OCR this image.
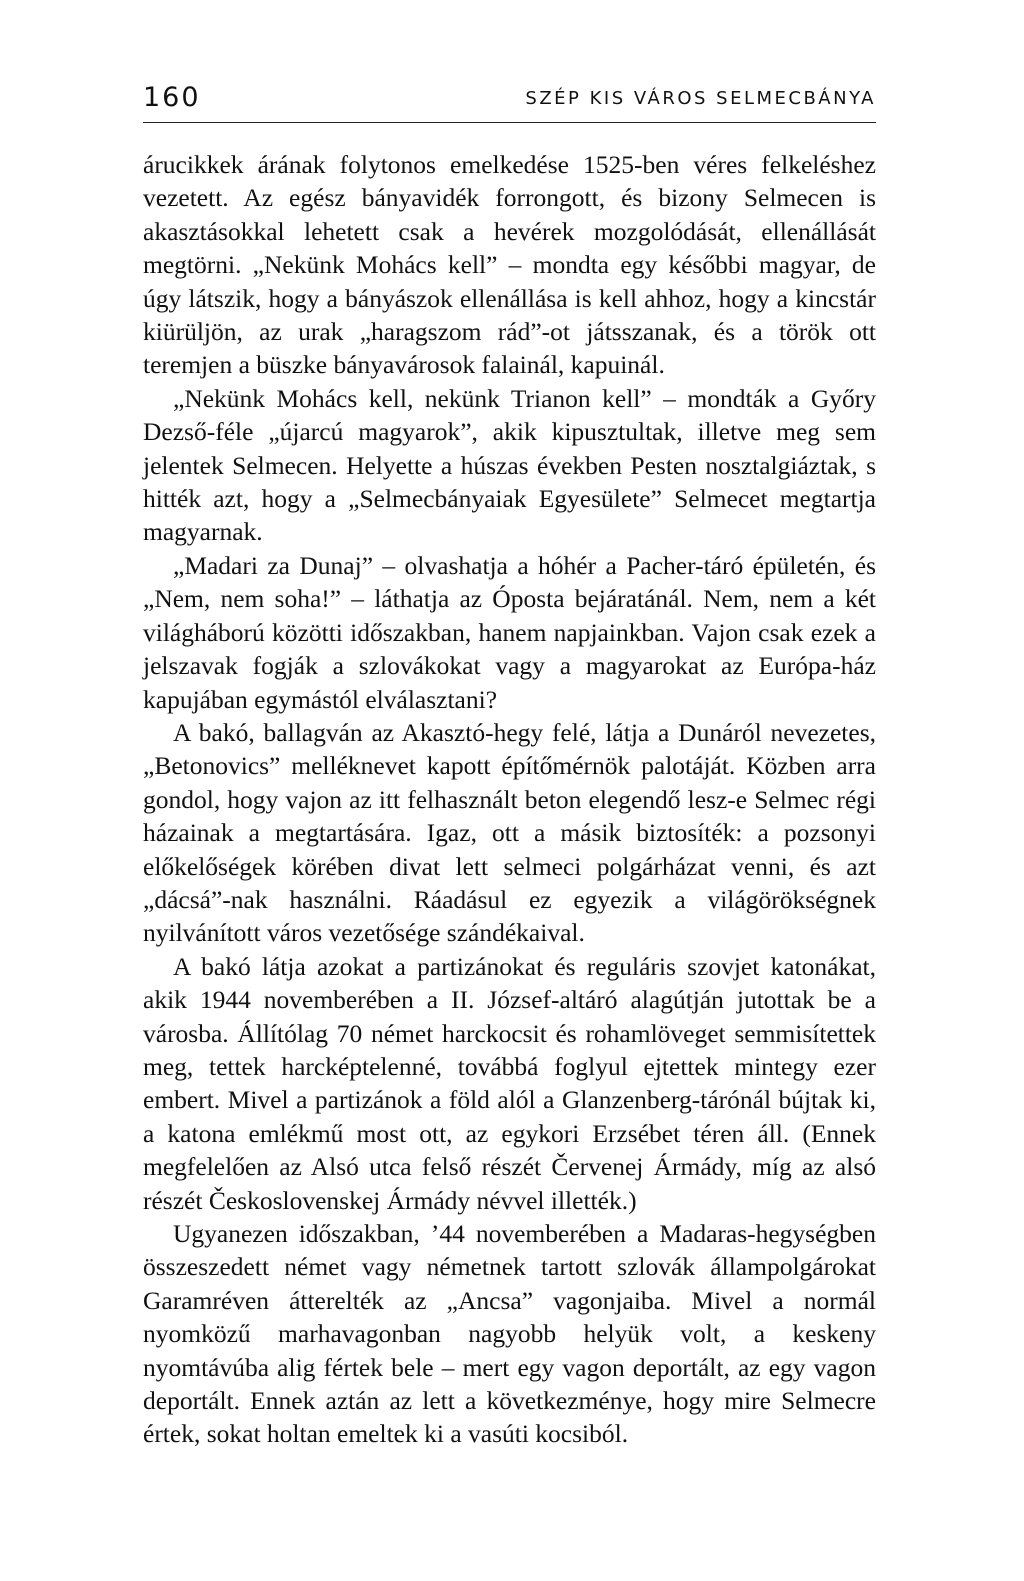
160	SZÉP KIS VÁROS SELMECBÁNYA

árucikkek árának folytonos emelkedése 1525-ben véres felkeléshez vezetett. Az egész bányavidék forrongott, és bizony Selmecen is akasztásokkal lehetett csak a hevérek mozgolódását, ellenállását megtörni. „Nekünk Mohács kell” – mondta egy későbbi magyar, de úgy látszik, hogy a bányászok ellenállása is kell ahhoz, hogy a kincstár kiürüljön, az urak „haragszom rád”-ot játsszanak, és a török ott teremjen a büszke bányavárosok falainál, kapuinál.

„Nekünk Mohács kell, nekünk Trianon kell” – mondták a Győry Dezső-féle „újarcú magyarok”, akik kipusztultak, illetve meg sem jelentek Selmecen. Helyette a húszas években Pesten nosztalgiáztak, s hitték azt, hogy a „Selmecbányaiak Egyesülete” Selmecet megtartja magyarnak.

„Madari za Dunaj” – olvashatja a hóhér a Pacher-táró épületén, és „Nem, nem soha!” – láthatja az Óposta bejáratánál. Nem, nem a két világháború közötti időszakban, hanem napjainkban. Vajon csak ezek a jelszavak fogják a szlovákokat vagy a magyarokat az Európa-ház kapujában egymástól elválasztani?

A bakó, ballagván az Akasztó-hegy felé, látja a Dunáról nevezetes, „Betonovics” melléknevet kapott építőmérnök palotáját. Közben arra gondol, hogy vajon az itt felhasznált beton elegendő lesz-e Selmec régi házainak a megtartására. Igaz, ott a másik biztosíték: a pozsonyi előkelőségek körében divat lett selmeci polgárházat venni, és azt „dácsá”-nak használni. Ráadásul ez egyezik a világörökségnek nyilvánított város vezetősége szándékaival.

A bakó látja azokat a partizánokat és reguláris szovjet katonákat, akik 1944 novemberében a II. József-altáró alagútján jutottak be a városba. Állítólag 70 német harckocsit és rohamlöveget semmisítettek meg, tettek harcképtelenné, továbbá foglyul ejtettek mintegy ezer embert. Mivel a partizánok a föld alól a Glanzenberg-tárónál bújtak ki, a katona emlékmű most ott, az egykori Erzsébet téren áll. (Ennek megfelelően az Alsó utca felső részét Červenej Ármády, míg az alsó részét Československej Ármády névvel illették.)

Ugyanezen időszakban, ’44 novemberében a Madaras-hegységben összeszedett német vagy németnek tartott szlovák állampolgárokat Garamréven átterelték az „Ancsa” vagonjaiba. Mivel a normál nyomközű marhavagonban nagyobb helyük volt, a keskeny nyomtávúba alig fértek bele – mert egy vagon deportált, az egy vagon deportált. Ennek aztán az lett a következménye, hogy mire Selmecre értek, sokat holtan emeltek ki a vasúti kocsiból.
